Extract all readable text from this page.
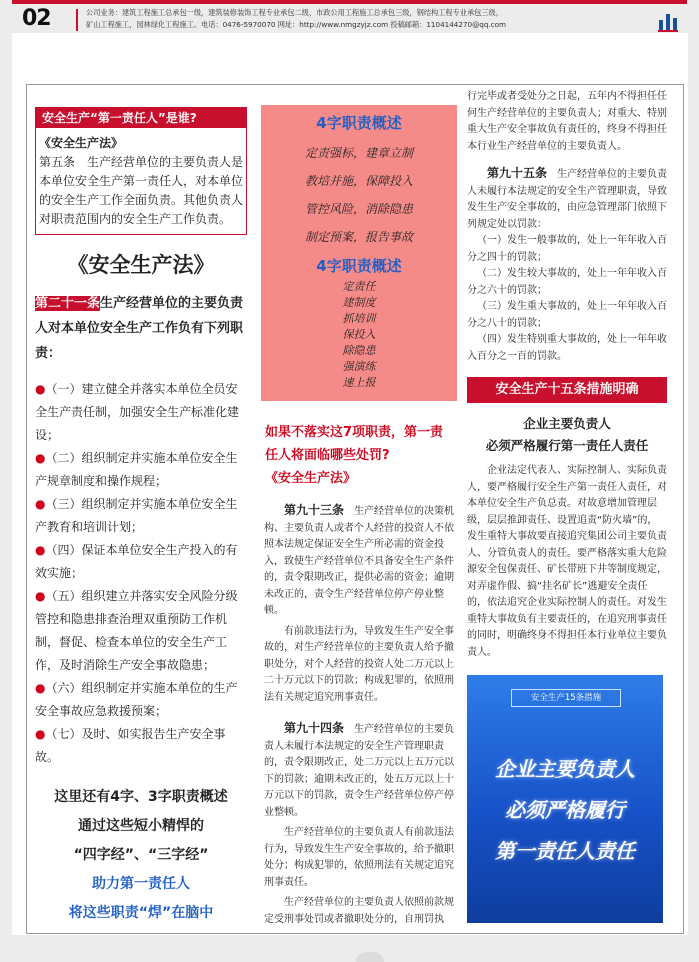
02	公司业务：建筑工程施工总承包一级，建筑装修装饰工程专业承包二级，市政公用工程施工总承包三级，钢结构工程专业承包三级，
矿山工程施工，园林绿化工程施工。电话：0476-5970070 网址：http://www.nmgzyjz.com 投稿邮箱：1104144270@qq.com
安全生产“第一责任人”是谁?

《安全生产法》

第五条　生产经营单位的主要负责人是本单位安全生产第一责任人，对本单位的安全生产工作全面负责。其他负责人对职责范围内的安全生产工作负责。

《安全生产法》
第二十一条生产经营单位的主要负责人对本单位安全生产工作负有下列职责：

●（一）建立健全并落实本单位全员安全生产责任制，加强安全生产标准化建设；

●（二）组织制定并实施本单位安全生产规章制度和操作规程；

●（三）组织制定并实施本单位安全生产教育和培训计划；

●（四）保证本单位安全生产投入的有效实施；

●（五）组织建立并落实安全风险分级管控和隐患排查治理双重预防工作机制，督促、检查本单位的安全生产工作，及时消除生产安全事故隐患；

●（六）组织制定并实施本单位的生产安全事故应急救援预案；

●（七）及时、如实报告生产安全事故。

这里还有4字、3字职责概述
通过这些短小精悍的
“四字经”、“三字经”
助力第一责任人
将这些职责“焊”在脑中
4字职责概述
定责强标，建章立制
教培并施，保障投入
管控风险，消除隐患
制定预案，报告事故
4字职责概述
定责任
建制度
抓培训
保投入
除隐患
强演练
速上报
如果不落实这7项职责，第一责任人将面临哪些处罚?
《安全生产法》

第九十三条　 生产经营单位的决策机构、主要负责人或者个人经营的投资人不依照本法规定保证安全生产所必需的资金投入，致使生产经营单位不具备安全生产条件的，责令限期改正，提供必需的资金；逾期未改正的，责令生产经营单位停产停业整顿。

有前款违法行为，导致发生生产安全事故的，对生产经营单位的主要负责人给予撤职处分，对个人经营的投资人处二万元以上二十万元以下的罚款；构成犯罪的，依照刑法有关规定追究刑事责任。

第九十四条　 生产经营单位的主要负责人未履行本法规定的安全生产管理职责的，责令限期改正，处二万元以上五万元以下的罚款；逾期未改正的，处五万元以上十万元以下的罚款，责令生产经营单位停产停业整顿。

生产经营单位的主要负责人有前款违法行为，导致发生生产安全事故的，给予撤职处分；构成犯罪的，依照刑法有关规定追究刑事责任。

生产经营单位的主要负责人依照前款规定受刑事处罚或者撤职处分的，自刑罚执

行完毕或者受处分之日起，五年内不得担任任何生产经营单位的主要负责人；对重大、特别重大生产安全事故负有责任的，终身不得担任本行业生产经营单位的主要负责人。

第九十五条　 生产经营单位的主要负责人未履行本法规定的安全生产管理职责，导致发生生产安全事故的，由应急管理部门依照下列规定处以罚款：

（一）发生一般事故的，处上一年年收入百分之四十的罚款；

（二）发生较大事故的，处上一年年收入百分之六十的罚款；

（三）发生重大事故的，处上一年年收入百分之八十的罚款；

（四）发生特别重大事故的，处上一年年收入百分之一百的罚款。

安全生产十五条措施明确
企业主要负责人
必须严格履行第一责任人责任

企业法定代表人、实际控制人、实际负责人，要严格履行安全生产第一责任人责任，对本单位安全生产负总责。对故意增加管理层级，层层推卸责任、设置追责“防火墙”的，发生重特大事故要直接追究集团公司主要负责人、分管负责人的责任。要严格落实重大危险源安全包保责任、矿长带班下井等制度规定，对弄虚作假、搞“挂名矿长”逃避安全责任的，依法追究企业实际控制人的责任。对发生重特大事故负有主要责任的，在追究刑事责任的同时，明确终身不得担任本行业单位主要负责人。

安全生产15条措施
企业主要负责人
必须严格履行
第一责任人责任
